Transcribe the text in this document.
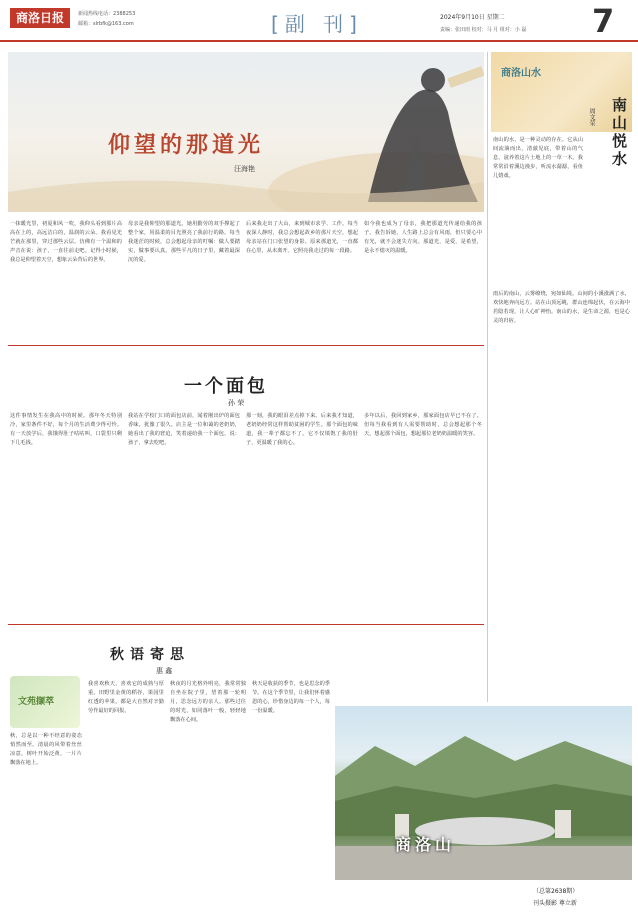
商洛日报	新闻热线电话：2388253
邮箱：slrbfk@163.com	[副 刊]	2024年9月10日 星期二
责编：张田雨 校对：马 月 组对：小 磊 7
仰望的那道光
汪海艳
一抹暖光里，初夏和风一吹，我仰头看到那片高高在上的，高远洁白的，温润的云朵。我看见光芒就在那里，穿过那些云层。仿佛有一个温和的声音在说：孩子，一直往前走吧。记得小时候，我总是仰望着天空，想象云朵背后的世界。
母亲是我仰望的那道光。她用勤劳的双手撑起了整个家，用温柔的目光照亮了我前行的路。每当我迷茫的时候，总会想起母亲的叮嘱：做人要踏实，做事要认真。那些平凡的日子里，藏着最深沉的爱。
后来我走出了大山，来到城市求学、工作。每当夜深人静时，我总会想起故乡的那片天空，想起母亲站在门口张望的身影。原来那道光，一直都在心里，从未离开。它照亮我走过的每一段路。
如今我也成为了母亲，我把那道光传递给我的孩子。我告诉她，人生路上总会有风雨，但只要心中有光，就不会迷失方向。那道光，是爱，是希望，是永不熄灭的温暖。
一个面包
孙 荣
这件事情发生在我高中的时候。那年冬天特别冷，家里条件不好，每个月的生活费少得可怜。有一天放学后，我饿得肚子咕咕叫，口袋里只剩下几毛钱。
我站在学校门口的面包店前，闻着刚出炉的面包香味，犹豫了很久。店主是一位和蔼的老奶奶，她看出了我的窘迫，笑着递给我一个面包，说：孩子，拿去吃吧。
那一刻，我的眼泪差点掉下来。后来我才知道，老奶奶经常这样帮助贫困的学生。那个面包的味道，我一辈子都忘不了。它不仅填饱了我的肚子，更温暖了我的心。
多年以后，我回到家乡，那家面包店早已不在了。但每当我看到有人需要帮助时，总会想起那个冬天，想起那个面包，想起那位老奶奶温暖的笑容。
秋语寄思
惠 鑫
文苑撷萃
秋，总是以一种不经意的姿态悄然而至。清晨的风带着丝丝凉意，树叶开始泛黄，一片片飘落在地上。
我喜欢秋天，喜欢它的成熟与厚重。田野里金黄的稻谷，果园里红透的苹果，都是大自然对辛勤劳作最好的回报。
秋夜的月光格外明亮，我常常独自坐在院子里，望着那一轮明月，思念远方的亲人。那些过往的时光，如同落叶一般，轻轻地飘落在心间。
秋天是收获的季节，也是思念的季节。在这个季节里，让我们怀着感恩的心，珍惜身边的每一个人，每一份温暖。
商洛山
（总第2638期）
刊头摄影 尊立新
商洛山水
南山悦水
周文荣
南山的水，是一种灵动的存在。它从山间流淌而出，清澈见底，带着山的气息，滋养着这片土地上的一草一木。我常常沿着溪边漫步，听流水潺潺，看鱼儿嬉戏。
雨后的南山，云雾缭绕，宛如仙境。山间的小溪涨满了水，欢快地奔向远方。站在山顶远眺，群山连绵起伏，在云海中若隐若现，让人心旷神怡。南山的水，是生命之源，也是心灵的归宿。
